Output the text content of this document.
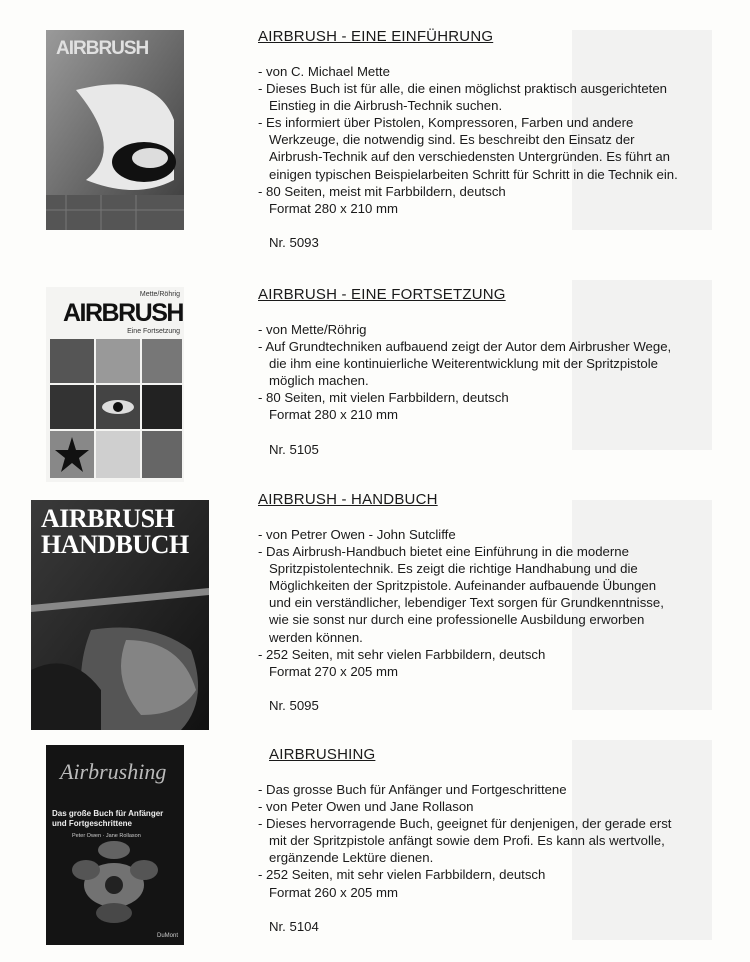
AIRBRUSH
Mette/Röhrig
AIRBRUSH
Eine Fortsetzung
AIRBRUSH
HANDBUCH
Airbrushing
Das große Buch für Anfänger und Fortgeschrittene
Peter Owen · Jane Rollason
DuMont
AIRBRUSH - EINE EINFÜHRUNG
- von C. Michael Mette
- Dieses Buch ist für alle, die einen möglichst praktisch ausgerichteten
Einstieg in die Airbrush-Technik suchen.
- Es informiert über Pistolen, Kompressoren, Farben und andere
Werkzeuge, die notwendig sind. Es beschreibt den Einsatz der
Airbrush-Technik auf den verschiedensten Untergründen. Es führt an
einigen typischen Beispielarbeiten Schritt für Schritt in die Technik ein.
- 80 Seiten, meist mit Farbbildern, deutsch
Format 280 x 210 mm
Nr. 5093
AIRBRUSH - EINE FORTSETZUNG
- von Mette/Röhrig
- Auf Grundtechniken aufbauend zeigt der Autor dem Airbrusher Wege,
die ihm eine kontinuierliche Weiterentwicklung mit der Spritzpistole
möglich machen.
- 80 Seiten, mit vielen Farbbildern, deutsch
Format 280 x 210 mm
Nr. 5105
AIRBRUSH - HANDBUCH
- von Petrer Owen - John Sutcliffe
- Das Airbrush-Handbuch bietet eine Einführung in die moderne
Spritzpistolentechnik. Es zeigt die richtige Handhabung und die
Möglichkeiten der Spritzpistole. Aufeinander aufbauende Übungen
und ein verständlicher, lebendiger Text sorgen für Grundkenntnisse,
wie sie sonst nur durch eine professionelle Ausbildung erworben
werden können.
- 252 Seiten, mit sehr vielen Farbbildern, deutsch
Format 270 x 205 mm
Nr. 5095
AIRBRUSHING
- Das grosse Buch für Anfänger und Fortgeschrittene
- von Peter Owen und Jane Rollason
- Dieses hervorragende Buch, geeignet für denjenigen, der gerade erst
mit der Spritzpistole anfängt sowie dem Profi. Es kann als wertvolle,
ergänzende Lektüre dienen.
- 252 Seiten, mit sehr vielen Farbbildern, deutsch
Format 260 x 205 mm
Nr. 5104
